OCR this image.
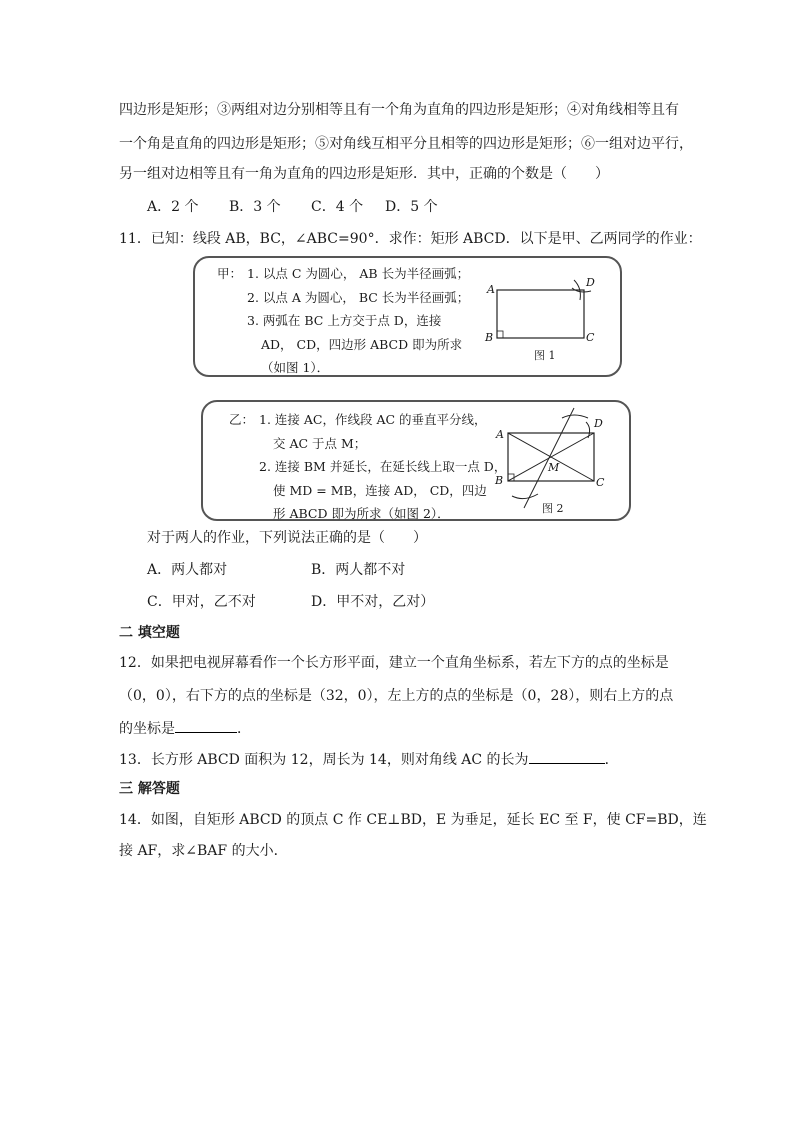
四边形是矩形；③两组对边分别相等且有一个角为直角的四边形是矩形；④对角线相等且有
一个角是直角的四边形是矩形；⑤对角线互相平分且相等的四边形是矩形；⑥一组对边平行，
另一组对边相等且有一角为直角的四边形是矩形．其中，正确的个数是（　　）
A．2 个 B．3 个 C．4 个 D．5 个
11．已知：线段 AB，BC，∠ABC=90°．求作：矩形 ABCD．以下是甲、乙两同学的作业：
甲： 1. 以点 C 为圆心， AB 长为半径画弧；
2. 以点 A 为圆心， BC 长为半径画弧；
3. 两弧在 BC 上方交于点 D，连接
AD， CD，四边形 ABCD 即为所求
（如图 1）．
A
B	C
D
图 1
乙： 1. 连接 AC，作线段 AC 的垂直平分线，
交 AC 于点 M；
2. 连接 BM 并延长，在延长线上取一点 D，
使 MD = MB，连接 AD， CD，四边
形 ABCD 即为所求（如图 2）．
A
B	C
D
M
图 2
对于两人的作业，下列说法正确的是（　　）
A．两人都对	B．两人都不对
C．甲对，乙不对	D．甲不对，乙对）
二 填空题
12．如果把电视屏幕看作一个长方形平面，建立一个直角坐标系，若左下方的点的坐标是
（0，0），右下方的点的坐标是（32，0），左上方的点的坐标是（0，28），则右上方的点
的坐标是	．
13．长方形 ABCD 面积为 12，周长为 14，则对角线 AC 的长为	．
三 解答题
14．如图，自矩形 ABCD 的顶点 C 作 CE⊥BD，E 为垂足，延长 EC 至 F，使 CF=BD，连
接 AF，求∠BAF 的大小．
